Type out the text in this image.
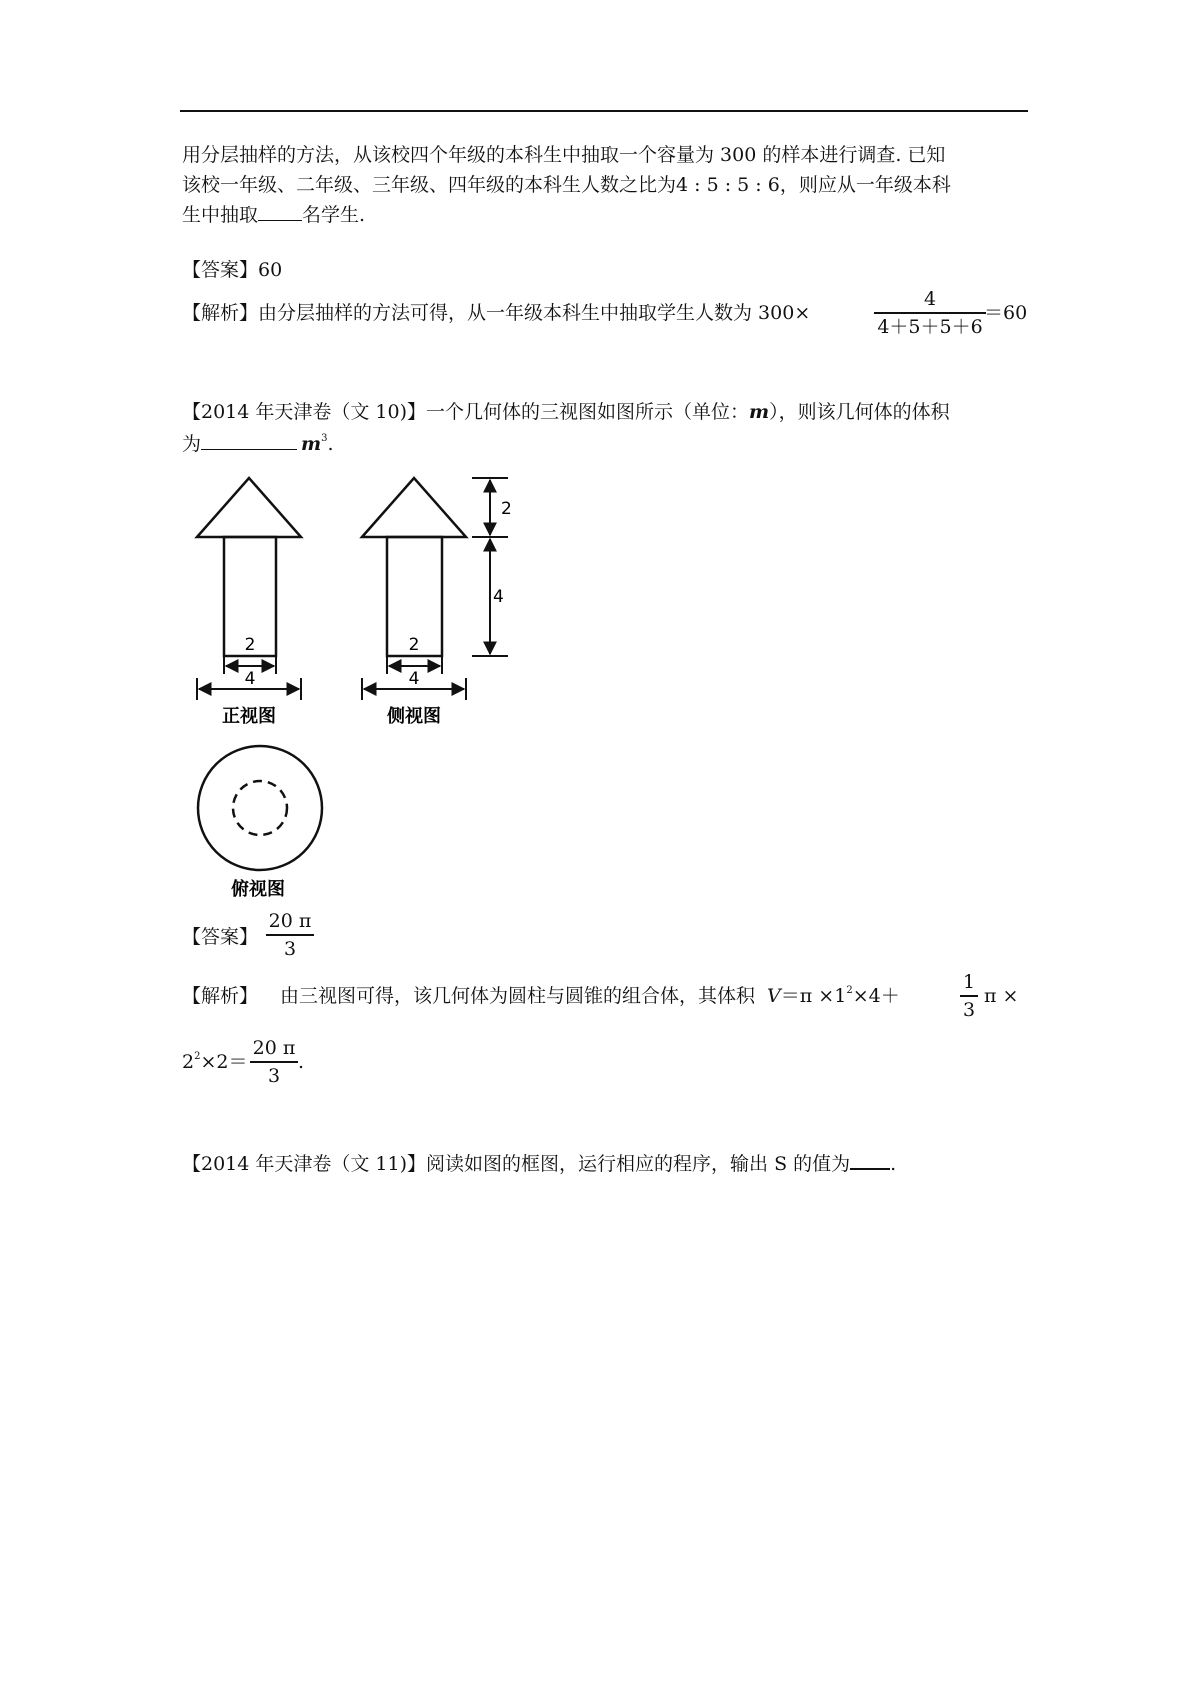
用分层抽样的方法，从该校四个年级的本科生中抽取一个容量为 300 的样本进行调查. 已知
该校一年级、二年级、三年级、四年级的本科生人数之比为4 : 5 : 5 : 6，则应从一年级本科
生中抽取 名学生.
【答案】60
【解析】由分层抽样的方法可得，从一年级本科生中抽取学生人数为 300×
4
4＋5＋5＋6
＝60
【2014 年天津卷（文 10)】一个几何体的三视图如图所示（单位：m），则该几何体的体积
为	$m^3$.
2
4
正视图
2
4
侧视图
2
4
俯视图
【答案】
20 π
3
【解析】 由三视图可得，该几何体为圆柱与圆锥的组合体，其体积 $V=\pi \times 1^2\times 4+$
1
3
π ×
$2^2\times 2=$
20 π
3
.
【2014 年天津卷（文 11)】阅读如图的框图，运行相应的程序，输出 S 的值为 .
